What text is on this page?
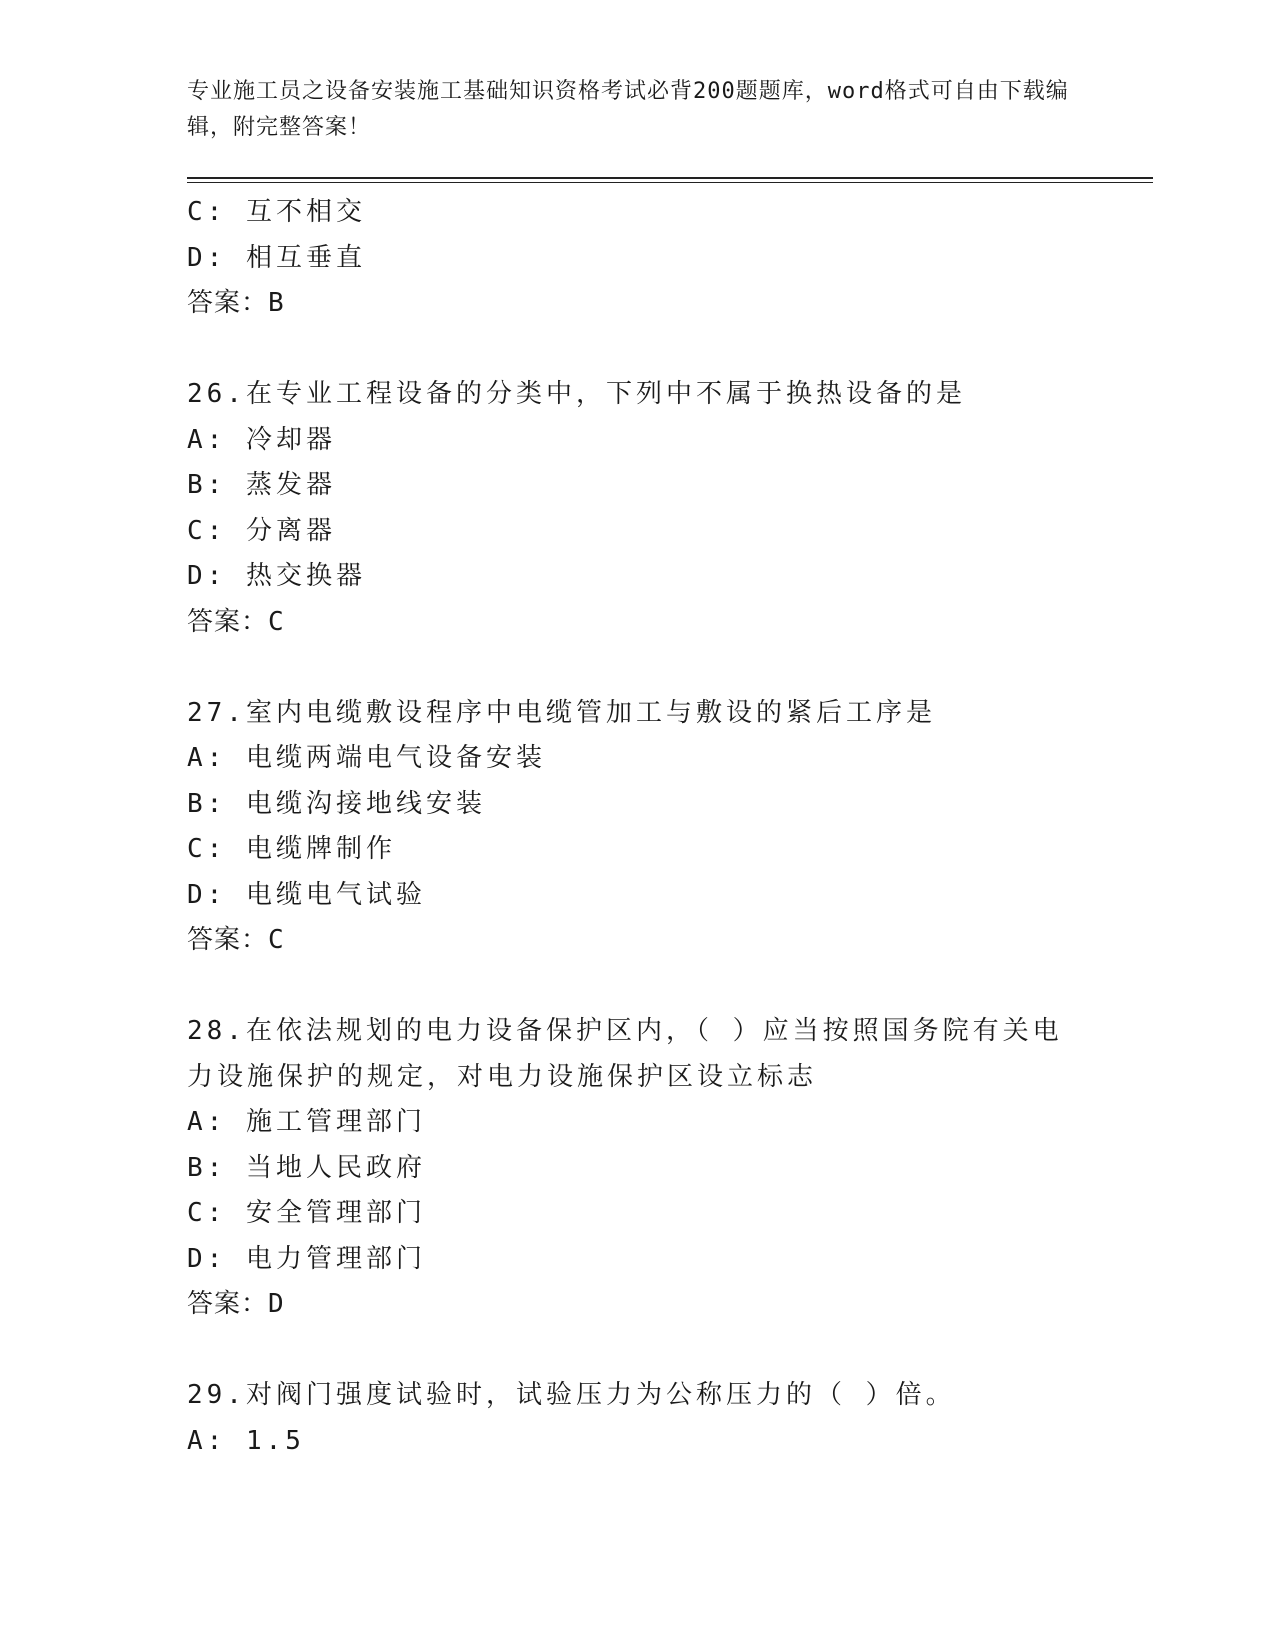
专业施工员之设备安装施工基础知识资格考试必背200题题库，word格式可自由下载编辑，附完整答案！
C: 互不相交
D: 相互垂直
答案：B
26.在专业工程设备的分类中，下列中不属于换热设备的是
A: 冷却器
B: 蒸发器
C: 分离器
D: 热交换器
答案：C
27.室内电缆敷设程序中电缆管加工与敷设的紧后工序是
A: 电缆两端电气设备安装
B: 电缆沟接地线安装
C: 电缆牌制作
D: 电缆电气试验
答案：C
28.在依法规划的电力设备保护区内，（ ）应当按照国务院有关电力设施保护的规定，对电力设施保护区设立标志
A: 施工管理部门
B: 当地人民政府
C: 安全管理部门
D: 电力管理部门
答案：D
29.对阀门强度试验时，试验压力为公称压力的（ ）倍。
A: 1.5
